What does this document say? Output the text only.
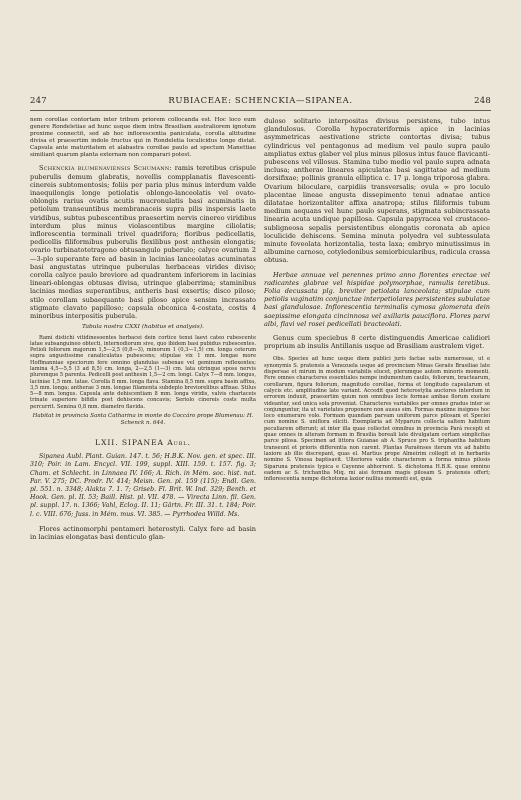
247	RUBIACEAE: SCHENCKIA—SIPANEA.	248

nem corollae contortam inter tribum priorem collocanda est. Hoc loco eum genere Rondeletiae ad hunc usque diem intra Brasiliam australiorem ignotum proxime connectit, sed ab hoc inflorescentia paniculata, corolla altitudine divisa et praesertim indole fructus qui in Rondeletia loculicidus longe distat. Capsula ante maturitatem et alabastra corollae paulo ad spectum Manettiae similiant quarum planta externam non comparari potest.

Schenckia blumenaviensis Schumann: ramis teretibus crispule puberulis demum glabratis, novellis compplanatis flavescenti-cinereis subtomentosis; foliis per paria plus minus interdum valde inaequilongis longe petiolatis oblongo-lanceolatis vel ovato-oblongis rarius ovatis acutis mucronulatis basi acuminatis in petiolum transeuntibus membranaceis supra pilis inspersis laete viridibus, subtus pubescentibus praesertim nervis cinereo viridibus interdum plus minus violascentibus margine ciliolatis; inflorescentia terminali trivel quadrifora; floribus pedicellatis, pedicellis filiformibus puberulis flexilibus post anthesin elongatis; ovario turbinatotetragono obtusangulo puberulo; calyce ovarium 2—3-plo superante fere ad basin in lacinias lanceolatas acuminatas basi angustatas utrinque puberulas herbaceas virides diviso; corolla calyce paulo breviore ad quadrantem inferiorem in lacinias lineari-oblongas obtusas divisa, utrinque glaberrima; staminibus lacinias medias superantibus, antheris basi exsertis; disco piloso; stilo corollam subaequante basi piloso apice sensim incrassato stigmate clavato papilloso; capsula obconica 4-costata, costis 4 minoribus interpositis puberula.

Tabula nostra CXXI (habitus et analysis).

Rami distichi vitidinesoentes herbacei dein cortice tenui laevi cateo rubescente latae subsanguineo obtecti, internodiorum sive, quo ibidem basi pubidus rubescentes. Petioli foliorum majorum 1,5—2,5 (0,8—3), minorum 1 (0,3—1,5) cm. longa ceterum supra angustissime canaliculatus pubescens; stipulae vix 1 mm. longae more Hoffmanniae speciorum fere omnino glandulas subenae vel geminum reflexentes; lamina 4,5—5,5 (3 ad 8,5) cm. longa, 2—2,5 (1—3) cm. lata utrinque sposs nervis pluremque 5 parenta. Pedicelli post anthesin 1,5—2 cm. longi. Calyx 7—8 mm. longus, laciniae 1,5 mm. latae. Corolla 8 mm. longa flava. Stamina 8,5 mm. supra basin affixa, 3,5 mm. longa; antherae 3 mm. longae filamenta subdeplo breviorelibus affixae. Stilus 5—8 mm. longus. Capsula ante dehiscentiam 8 mm. longa viridis, valvis chartaceis trinate superiore bifidis post dehiscens concavis; Seriolo cinereis costs multa percurrit. Semina 0,8 mm. diametro flavida.

Habitat in provincia Santa Catharina in monte do Coccáro prope Blumenau: H. Schenck n. 644.

LXII. SIPANEA Aubl.

Sipanea Aubl. Plant. Guian. 147. t. 56; H.B.K. Nov. gen. et spec. III. 310; Poir. in Lam. Encycl. VII. 199, suppl. XIII. 159. t. 157. fig. 3; Cham. et Schlecht. in Linnaea IV. 166; A. Rich. in Mém. soc. hist. nat. Par. V. 275; DC. Prodr. IV. 414; Meisn. Gen. pl. 159 (115); Endl. Gen. pl. 551. n. 3348; Alakta 7. 1. 7; Griseb. Fl. Brit. W. Ind. 329; Benth. et Hook. Gen. pl. II. 53; Baill. Hist. pl. VII. 478. — Virecta Linn. fil. Gen. pl. suppl. 17. n. 1366; Vahl, Eclog. II. 11; Gärtn. Fr. III. 31. t. 184; Poir. l. c. VIII. 676; Juss. in Mém. mus. VI. 385. — Pyrrhodea Willd. Ms.

Flores actinomorphi pentameri heterostyli. Calyx fere ad basin in lacinias elongatas basi denticulo glan-

duloso solitario interpositas divisus persistens, tubo intus glandulosus. Corolla hypocrateriformis apice in lacinias asymmetricas aestivatione stricte contortas divisa; tubus cylindricus vel pentagonus ad medium vel paulo supra paulo ampliatus extus glaber vel plus minus pilosus intus fauce flavicanti-pubescens vel villosus. Stamina tubo medio vel paulo supra adnata inclusa; antherae lineares apiculatae basi sagittatae ad medium dorsifixae; pollinis granula elliptica c. 17 μ. longa triporosa glabra. Ovarium biloculare, carpidiis transversalis; ovula ∞ pro loculo placentae lineae angusta dissepimento tenui adnatae antice dilatatae horizontaliter affixa anatropa; stilus filiformis tubum medium aequans vel hunc paulo superans, stigmata subincrassata linearia acuta undique papillosa. Capsula papyracea vel crustaceo-subligneosa sepalis persistentibus elongatis coronata ab apice loculicide dehiscens. Semina minuta polyedra vel subtessulata minute foveolata horizontalia, testa laxa; embryo minutissimus in albumine carnoso, cotyledonibus semiorbicularibus, radicula crassa obtusa.

Herbae annuae vel perennes primo anno florentes erectae vel radicantes glabrae vel hispidae polymorphae, ramulis teretibus. Folia decussata plg. breviter petiolata lanceolata; stipulae cum petiolis vaginatim conjunctae interpetiolares persistentes subulatae basi glandulosae. Inflorescentia terminalis cymosa glomerata dein saepissime elongata cincinnosa vel axillaris pauciflora. Flores parvi albi, flavi vel rosei pedicellati bracteolati.

Genus cum speciebus 8 certe distinguendis Americae calidiori proprium ab insulis Antillanis usque ad Brasiliam australem viget.

Obs. Species ad hunc usque diem publici juris factae satis numerosae, ut e synonymis S. pratensis a Venezuela usque ad provinciam Minas Geraës Brasiliae late dispersae et mirum in modum variabilis elucet, plerumque autem minoris momenti. Fere omnes characteres essentiales nempe indumentum caulis, foliorum, bractearum, corollarum, figura foliorum, magnitudo corollae, forma et longitudo capsularum et calycis etc. amplitudine late variant. Accedit quod heterostylia auctores interdum in errorem induxit, praesertim quum non omnibus locis formae ambae florum exstare videantur, sed unica sola proveniat. Characteres variabiles per omnes gradus inter se conjunguntur, ita ut varietates proponere non ausus sim. Formas maxime insignes hoc loco enumerare volo. Formam quandam parvam uniforem parce pilosam et Speciei cum nomine S. uniflora eliciti. Exemplaria ad Myparura collecta saltem habitum peculiarem offerunt; at inter illa quae collectet omnibus in provincia Pará recepti et quae omnes in alteram formam in Brasilia boreali late divulgatam certam simplicitas parce pilosa. Specimen ad littora Guianae ab A. Spruce pro S. triphantha habitum transeunt et prioris differentia non carent. Plantas Paraënses iterum vix ad habitu laxiore ab illis discrepant, quas el. Martius prope Almeirim collegit et in herbariis nomine S. Vinosa baptisavit. Ulteriores valde characterem a forma minus pilosis Siparuna pratensis typica e Cayenne abhorrent. S. dichotoma H.B.K. quae omnino eadem ac S. trichantha Miq. mi aisi formam magis pilosam S. pratensis offert; inflorescentia nempe dichotoma laxior nullius momenti est, quia
